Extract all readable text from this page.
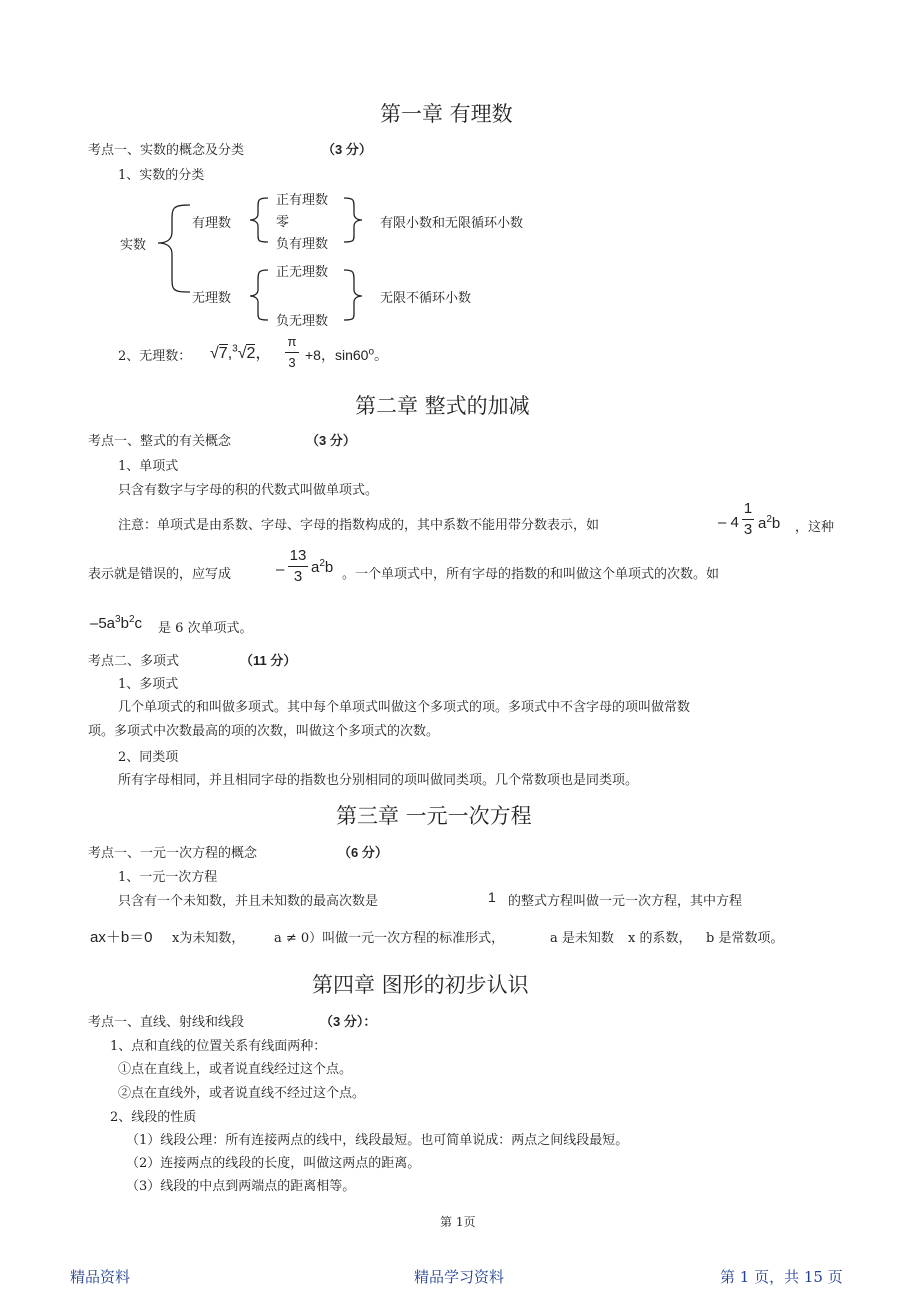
第一章 有理数
考点一、实数的概念及分类	（3 分）
1、实数的分类
实数
有理数
无理数
正有理数
零
负有理数
正无理数
负无理数
有限小数和无限循环小数
无限不循环小数
2、无理数： √7,$^3$√2，
π
3 +8，sin60$^o$。
第二章 整式的加减
考点一、整式的有关概念	（3 分）
1、单项式
只含有数字与字母的积的代数式叫做单项式。
注意：单项式是由系数、字母、字母的指数构成的，其中系数不能用带分数表示，如	– 4
1
3 $a^2b$ ，这种
表示就是错误的，应写成	–
13
3
$a^2b$ 。一个单项式中，所有字母的指数的和叫做这个单项式的次数。如
$-5a^3b^2c$ 是 6 次单项式。
考点二、多项式	（11 分）
1、多项式
几个单项式的和叫做多项式。其中每个单项式叫做这个多项式的项。多项式中不含字母的项叫做常数
项。多项式中次数最高的项的次数，叫做这个多项式的次数。
2、同类项
所有字母相同，并且相同字母的指数也分别相同的项叫做同类项。几个常数项也是同类项。
第三章 一元一次方程
考点一、一元一次方程的概念	（6 分）
1、一元一次方程
只含有一个未知数，并且未知数的最高次数是	1 的整式方程叫做一元一次方程，其中方程
ax＋b＝0 x为未知数， a ≠ 0）叫做一元一次方程的标准形式，	a 是未知数 x 的系数， b 是常数项。
第四章 图形的初步认识
考点一、直线、射线和线段	（3 分）：
1、点和直线的位置关系有线面两种：
①点在直线上，或者说直线经过这个点。
②点在直线外，或者说直线不经过这个点。
2、线段的性质
（1）线段公理：所有连接两点的线中，线段最短。也可简单说成：两点之间线段最短。
（2）连接两点的线段的长度，叫做这两点的距离。
（3）线段的中点到两端点的距离相等。
第 1页
精品资料	精品学习资料	第 1 页，共 15 页
